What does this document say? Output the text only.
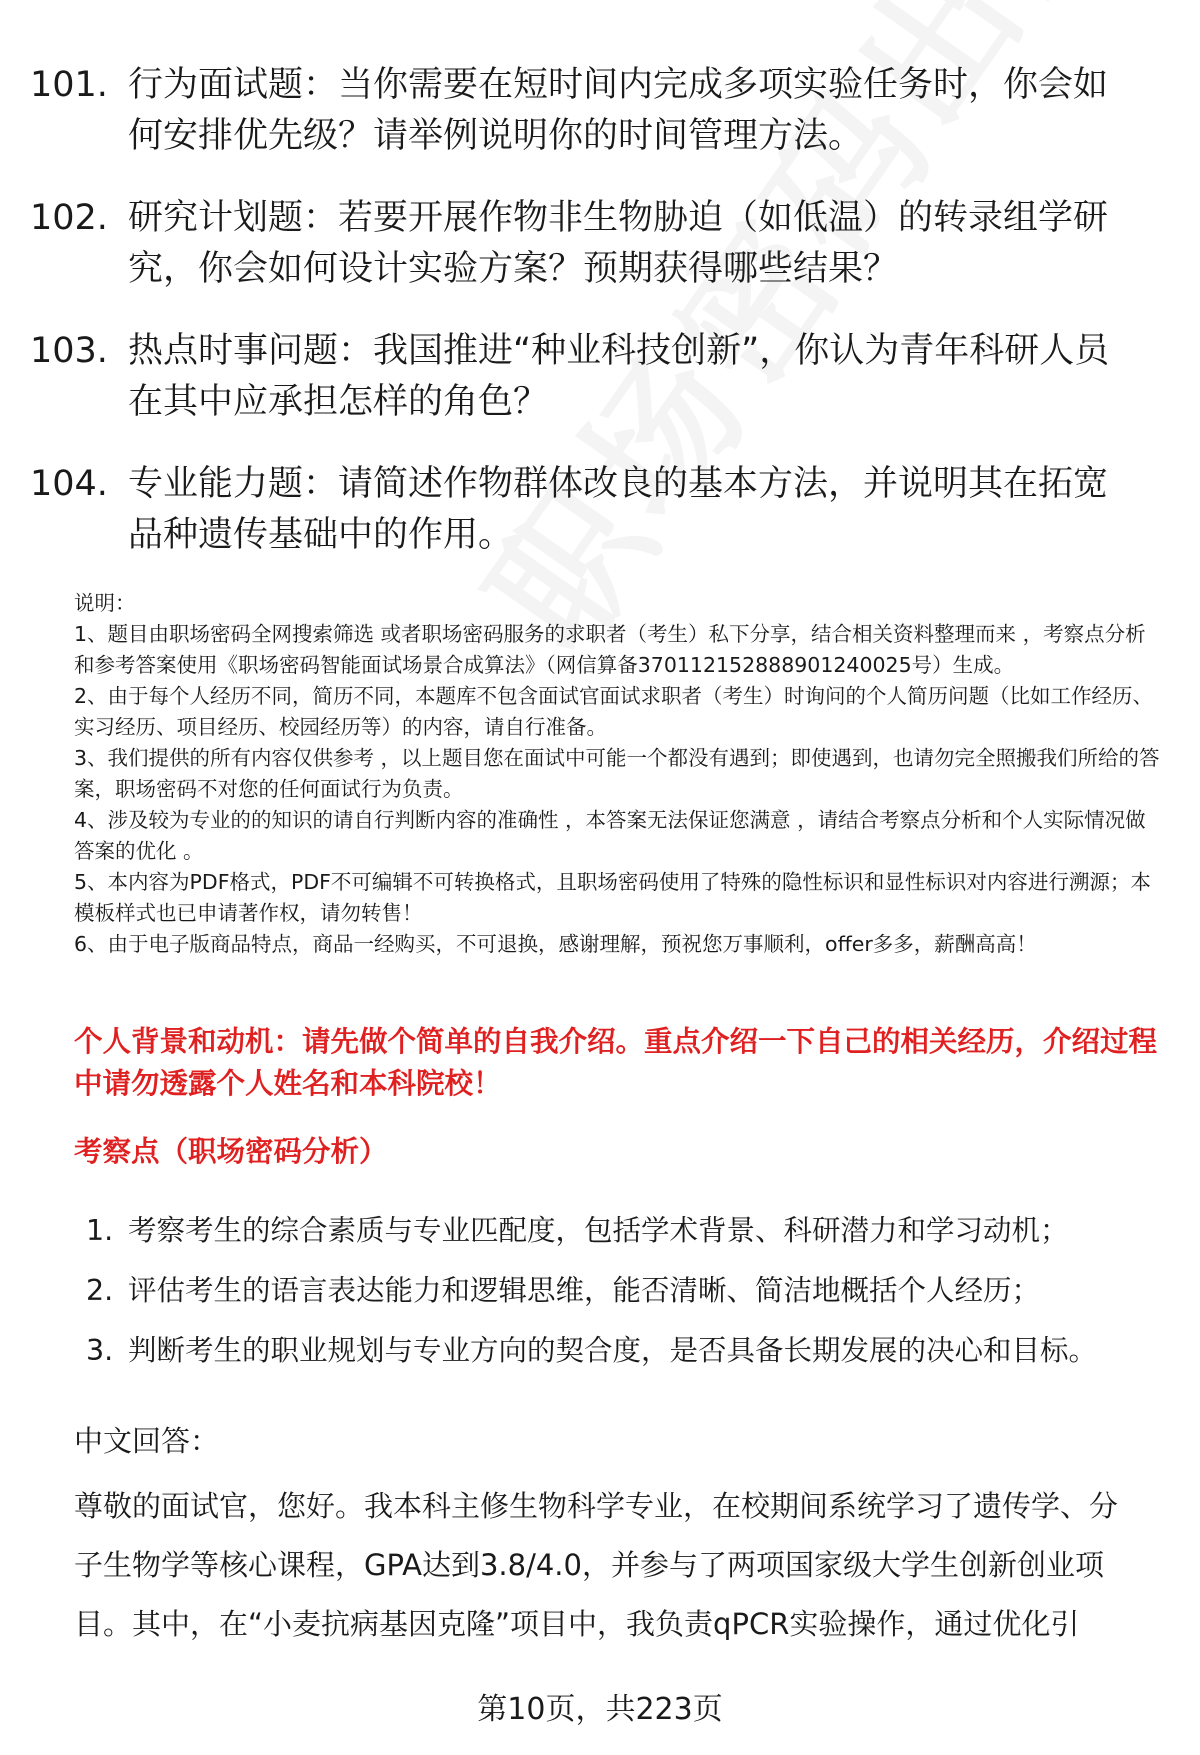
101. 行为面试题：当你需要在短时间内完成多项实验任务时，你会如何安排优先级？请举例说明你的时间管理方法。
102. 研究计划题：若要开展作物非生物胁迫（如低温）的转录组学研究，你会如何设计实验方案？预期获得哪些结果？
103. 热点时事问题：我国推进“种业科技创新”，你认为青年科研人员在其中应承担怎样的角色？
104. 专业能力题：请简述作物群体改良的基本方法，并说明其在拓宽品种遗传基础中的作用。

说明：

1、题目由职场密码全网搜索筛选 或者职场密码服务的求职者（考生）私下分享，结合相关资料整理而来 ，考察点分析和参考答案使用《职场密码智能面试场景合成算法》（网信算备370112152888901240025号）生成。

2、由于每个人经历不同，简历不同，本题库不包含面试官面试求职者（考生）时询问的个人简历问题（比如工作经历、实习经历、项目经历、校园经历等）的内容，请自行准备。

3、我们提供的所有内容仅供参考 ，以上题目您在面试中可能一个都没有遇到；即使遇到，也请勿完全照搬我们所给的答案，职场密码不对您的任何面试行为负责。

4、涉及较为专业的的知识的请自行判断内容的准确性 ，本答案无法保证您满意 ，请结合考察点分析和个人实际情况做答案的优化 。

5、本内容为PDF格式，PDF不可编辑不可转换格式，且职场密码使用了特殊的隐性标识和显性标识对内容进行溯源；本模板样式也已申请著作权，请勿转售！

6、由于电子版商品特点，商品一经购买，不可退换，感谢理解，预祝您万事顺利，offer多多，薪酬高高！

个人背景和动机：请先做个简单的自我介绍。重点介绍一下自己的相关经历，介绍过程中请勿透露个人姓名和本科院校！
考察点（职场密码分析）
1. 考察考生的综合素质与专业匹配度，包括学术背景、科研潜力和学习动机；
2. 评估考生的语言表达能力和逻辑思维，能否清晰、简洁地概括个人经历；
3. 判断考生的职业规划与专业方向的契合度，是否具备长期发展的决心和目标。
中文回答：
尊敬的面试官，您好。我本科主修生物科学专业，在校期间系统学习了遗传学、分子生物学等核心课程，GPA达到3.8/4.0，并参与了两项国家级大学生创新创业项目。其中，在“小麦抗病基因克隆”项目中，我负责qPCR实验操作，通过优化引
第10页，共223页
